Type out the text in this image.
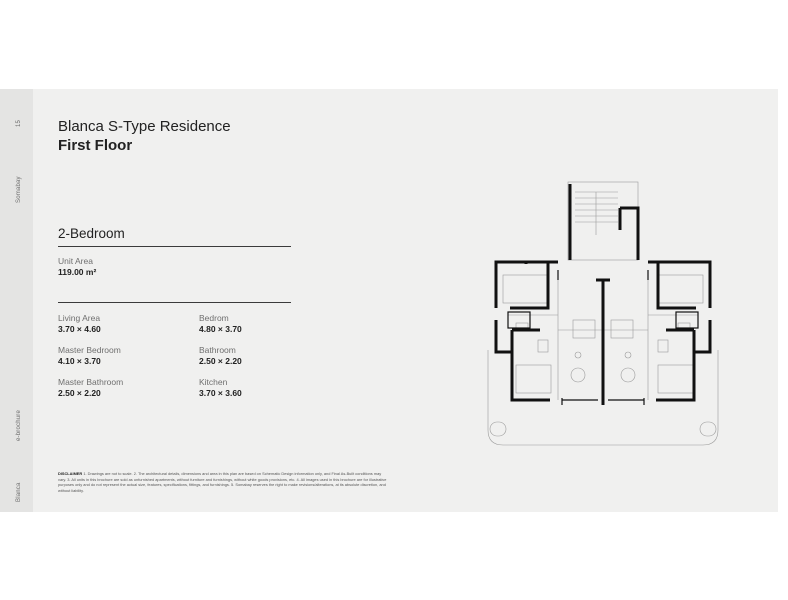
15
Somabay
e-brochure
Blanca
Blanca S-Type Residence
First Floor
2-Bedroom
Unit Area
119.00 m²
Living Area
3.70 × 4.60
Bedrom
4.80 × 3.70
Master Bedroom
4.10 × 3.70
Bathroom
2.50 × 2.20
Master Bathroom
2.50 × 2.20
Kitchen
3.70 × 3.60
DISCLAIMER 1. Drawings are not to scale. 2. The architectural details, dimensions and area in this plan are based on Schematic Design information only, and Final As-Built conditions may vary. 3. All units in this brochure are sold as unfurnished apartments, without furniture and furnishings, without white goods provisions, etc. 4. All images used in this brochure are for illustrative purposes only and do not represent the actual size, features, specifications, fittings, and furnishings. 5. Somabay reserves the right to make revisions/alterations, at its absolute discretion, and without liability.
